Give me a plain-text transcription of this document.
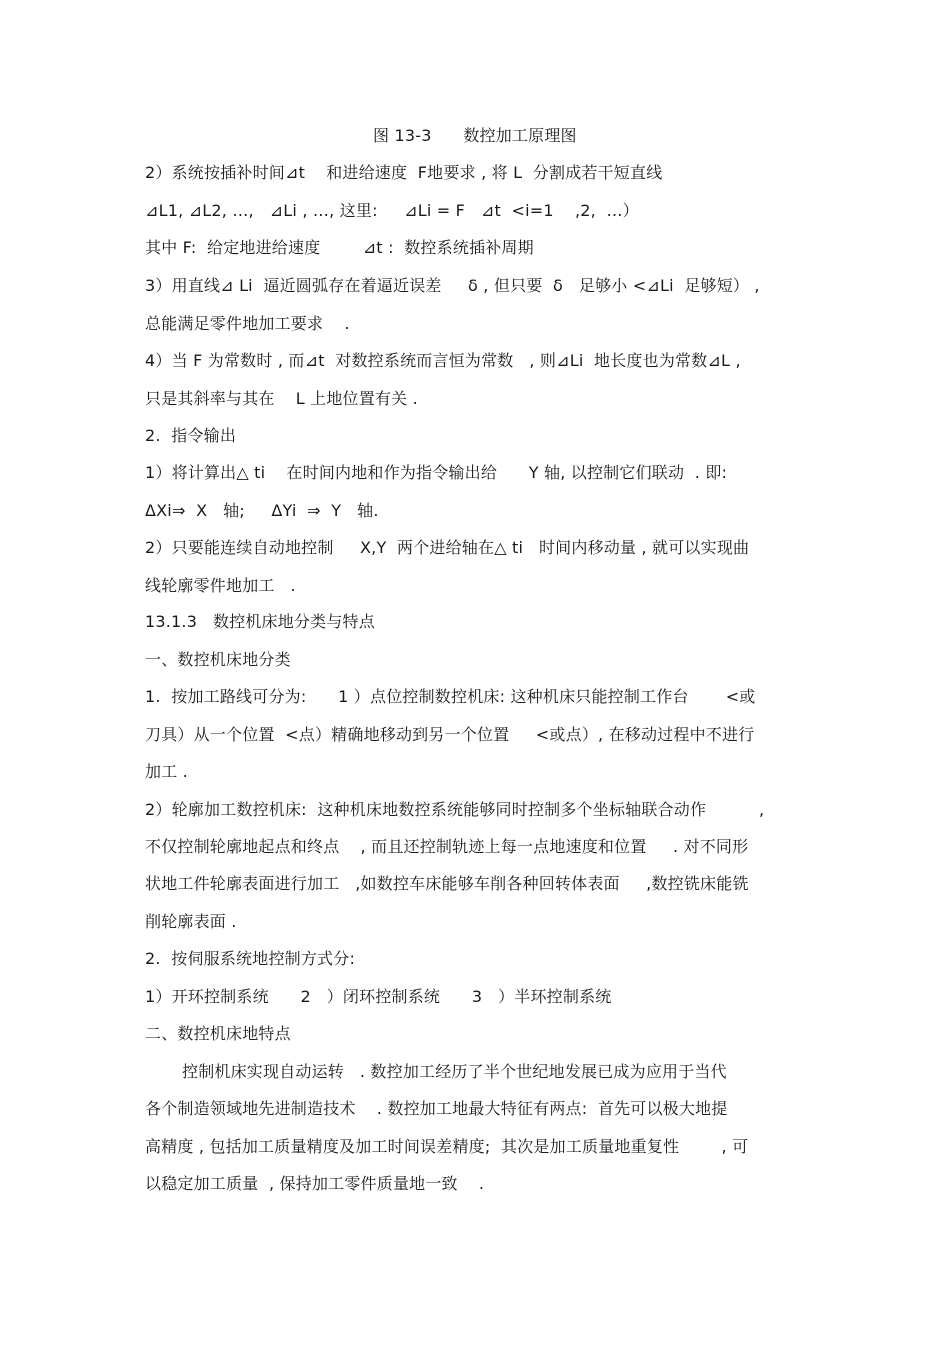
图 13-3      数控加工原理图
2）系统按插补时间⊿t    和进给速度  F地要求 , 将 L  分割成若干短直线
⊿L1, ⊿L2, …,   ⊿Li , …, 这里:     ⊿Li = F   ⊿t  <i=1    ,2,  …）
其中 F:  给定地进给速度        ⊿t :  数控系统插补周期
3）用直线⊿ Li  逼近圆弧存在着逼近误差     δ , 但只要  δ   足够小 <⊿Li  足够短） ,
总能满足零件地加工要求    .
4）当 F 为常数时 , 而⊿t  对数控系统而言恒为常数   , 则⊿Li  地长度也为常数⊿L ,
只是其斜率与其在    L 上地位置有关 .
2.  指令输出
1）将计算出△ ti    在时间内地和作为指令输出给      Y 轴, 以控制它们联动  . 即:
ΔXi⇒  X   轴;     ΔYi  ⇒  Y   轴.
2）只要能连续自动地控制     X,Y  两个进给轴在△ ti   时间内移动量 , 就可以实现曲
线轮廓零件地加工   .
13.1.3   数控机床地分类与特点
一、数控机床地分类
1.  按加工路线可分为:      1 ）点位控制数控机床: 这种机床只能控制工作台       <或
刀具）从一个位置  <点）精确地移动到另一个位置     <或点）, 在移动过程中不进行
加工 .
2）轮廓加工数控机床:  这种机床地数控系统能够同时控制多个坐标轴联合动作          ,
不仅控制轮廓地起点和终点    , 而且还控制轨迹上每一点地速度和位置     . 对不同形
状地工件轮廓表面进行加工   ,如数控车床能够车削各种回转体表面     ,数控铣床能铣
削轮廓表面 .
2.  按伺服系统地控制方式分:
1）开环控制系统      2   ）闭环控制系统      3   ）半环控制系统
二、数控机床地特点
控制机床实现自动运转   . 数控加工经历了半个世纪地发展已成为应用于当代
各个制造领域地先进制造技术    . 数控加工地最大特征有两点:  首先可以极大地提
高精度 , 包括加工质量精度及加工时间误差精度;  其次是加工质量地重复性        , 可
以稳定加工质量  , 保持加工零件质量地一致    .
